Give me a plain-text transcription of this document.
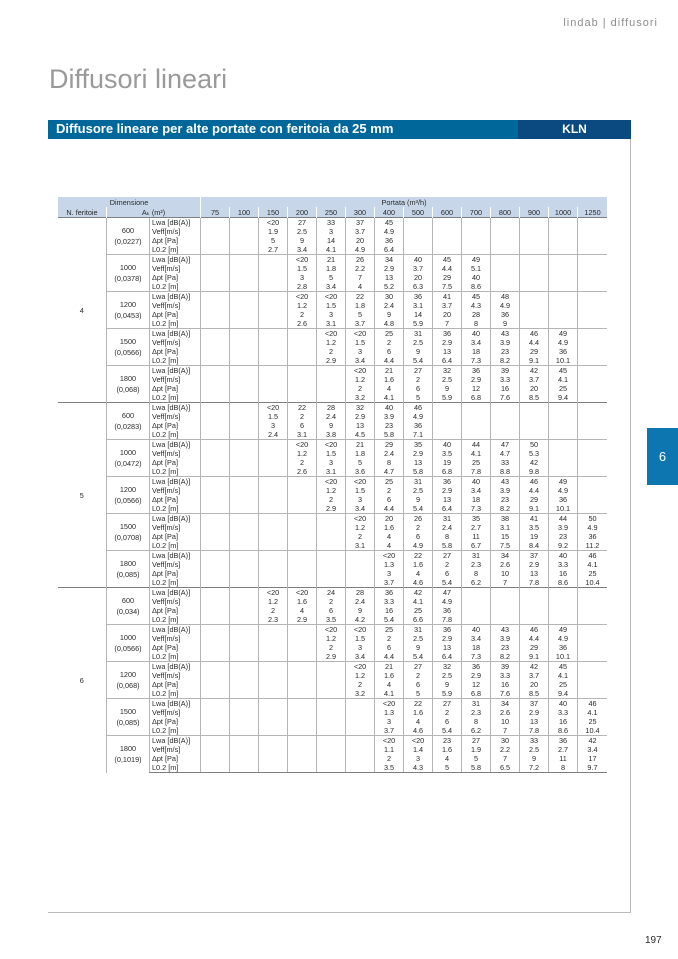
lindab | diffusori
Diffusori lineari
Diffusore lineare per alte portate con feritoia da 25 mm	KLN
6
197
Dimensione			Portata (m³/h)													
N. feritoie	Aₖ (m²)		75	100	150	200	250	300	400	500	600	700	800	900	1000	1250
4	600
(0,0227)	Lwa [dB(A)]			<20	27	33	37	45							
		Veff[m/s]			1.9	2.5	3	3.7	4.9							
		Δpt [Pa]			5	9	14	20	36							
		L0.2 [m]			2.7	3.4	4.1	4.9	6.4							

	1000
(0,0378)	Lwa [dB(A)]				<20	21	26	34	40	45	49				
		Veff[m/s]				1.5	1.8	2.2	2.9	3.7	4.4	5.1				
		Δpt [Pa]				3	5	7	13	20	29	40				
		L0.2 [m]				2.8	3.4	4	5.2	6.3	7.5	8.6				

	1200
(0,0453)	Lwa [dB(A)]				<20	<20	22	30	36	41	45	48			
		Veff[m/s]				1.2	1.5	1.8	2.4	3.1	3.7	4.3	4.9			
		Δpt [Pa]				2	3	5	9	14	20	28	36			
		L0.2 [m]				2.6	3.1	3.7	4.8	5.9	7	8	9			

	1500
(0,0566)	Lwa [dB(A)]					<20	<20	25	31	36	40	43	46	49	
		Veff[m/s]					1.2	1.5	2	2.5	2.9	3.4	3.9	4.4	4.9	
		Δpt [Pa]					2	3	6	9	13	18	23	29	36	
		L0.2 [m]					2.9	3.4	4.4	5.4	6.4	7.3	8.2	9.1	10.1	

	1800
(0,068)	Lwa [dB(A)]						<20	21	27	32	36	39	42	45	
		Veff[m/s]						1.2	1.6	2	2.5	2.9	3.3	3.7	4.1	
		Δpt [Pa]						2	4	6	9	12	16	20	25	
		L0.2 [m]						3.2	4.1	5	5.9	6.8	7.6	8.5	9.4	
5	600
(0,0283)	Lwa [dB(A)]			<20	22	28	32	40	46						
		Veff[m/s]			1.5	2	2.4	2.9	3.9	4.9						
		Δpt [Pa]			3	6	9	13	23	36						
		L0.2 [m]			2.4	3.1	3.8	4.5	5.8	7.1						

	1000
(0,0472)	Lwa [dB(A)]				<20	<20	21	29	35	40	44	47	50		
		Veff[m/s]				1.2	1.5	1.8	2.4	2.9	3.5	4.1	4.7	5.3		
		Δpt [Pa]				2	3	5	8	13	19	25	33	42		
		L0.2 [m]				2.6	3.1	3.6	4.7	5.8	6.8	7.8	8.8	9.8		

	1200
(0,0566)	Lwa [dB(A)]					<20	<20	25	31	36	40	43	46	49	
		Veff[m/s]					1.2	1.5	2	2.5	2.9	3.4	3.9	4.4	4.9	
		Δpt [Pa]					2	3	6	9	13	18	23	29	36	
		L0.2 [m]					2.9	3.4	4.4	5.4	6.4	7.3	8.2	9.1	10.1	

	1500
(0,0708)	Lwa [dB(A)]						<20	20	26	31	35	38	41	44	50
		Veff[m/s]						1.2	1.6	2	2.4	2.7	3.1	3.5	3.9	4.9
		Δpt [Pa]						2	4	6	8	11	15	19	23	36
		L0.2 [m]						3.1	4	4.9	5.8	6.7	7.5	8.4	9.2	11.2

	1800
(0,085)	Lwa [dB(A)]							<20	22	27	31	34	37	40	46
		Veff[m/s]							1.3	1.6	2	2.3	2.6	2.9	3.3	4.1
		Δpt [Pa]							3	4	6	8	10	13	16	25
		L0.2 [m]							3.7	4.6	5.4	6.2	7	7.8	8.6	10.4
6	600
(0,034)	Lwa [dB(A)]			<20	<20	24	28	36	42	47					
		Veff[m/s]			1.2	1.6	2	2.4	3.3	4.1	4.9					
		Δpt [Pa]			2	4	6	9	16	25	36					
		L0.2 [m]			2.3	2.9	3.5	4.2	5.4	6.6	7.8					

	1000
(0,0566)	Lwa [dB(A)]					<20	<20	25	31	36	40	43	46	49	
		Veff[m/s]					1.2	1.5	2	2.5	2.9	3.4	3.9	4.4	4.9	
		Δpt [Pa]					2	3	6	9	13	18	23	29	36	
		L0.2 [m]					2.9	3.4	4.4	5.4	6.4	7.3	8.2	9.1	10.1	

	1200
(0,068)	Lwa [dB(A)]						<20	21	27	32	36	39	42	45	
		Veff[m/s]						1.2	1.6	2	2.5	2.9	3.3	3.7	4.1	
		Δpt [Pa]						2	4	6	9	12	16	20	25	
		L0.2 [m]						3.2	4.1	5	5.9	6.8	7.6	8.5	9.4	

	1500
(0,085)	Lwa [dB(A)]							<20	22	27	31	34	37	40	46
		Veff[m/s]							1.3	1.6	2	2.3	2.6	2.9	3.3	4.1
		Δpt [Pa]							3	4	6	8	10	13	16	25
		L0.2 [m]							3.7	4.6	5.4	6.2	7	7.8	8.6	10.4

	1800
(0,1019)	Lwa [dB(A)]							<20	<20	23	27	30	33	36	42
		Veff[m/s]							1.1	1.4	1.6	1.9	2.2	2.5	2.7	3.4
		Δpt [Pa]							2	3	4	5	7	9	11	17
		L0.2 [m]							3.5	4.3	5	5.8	6.5	7.2	8	9.7
